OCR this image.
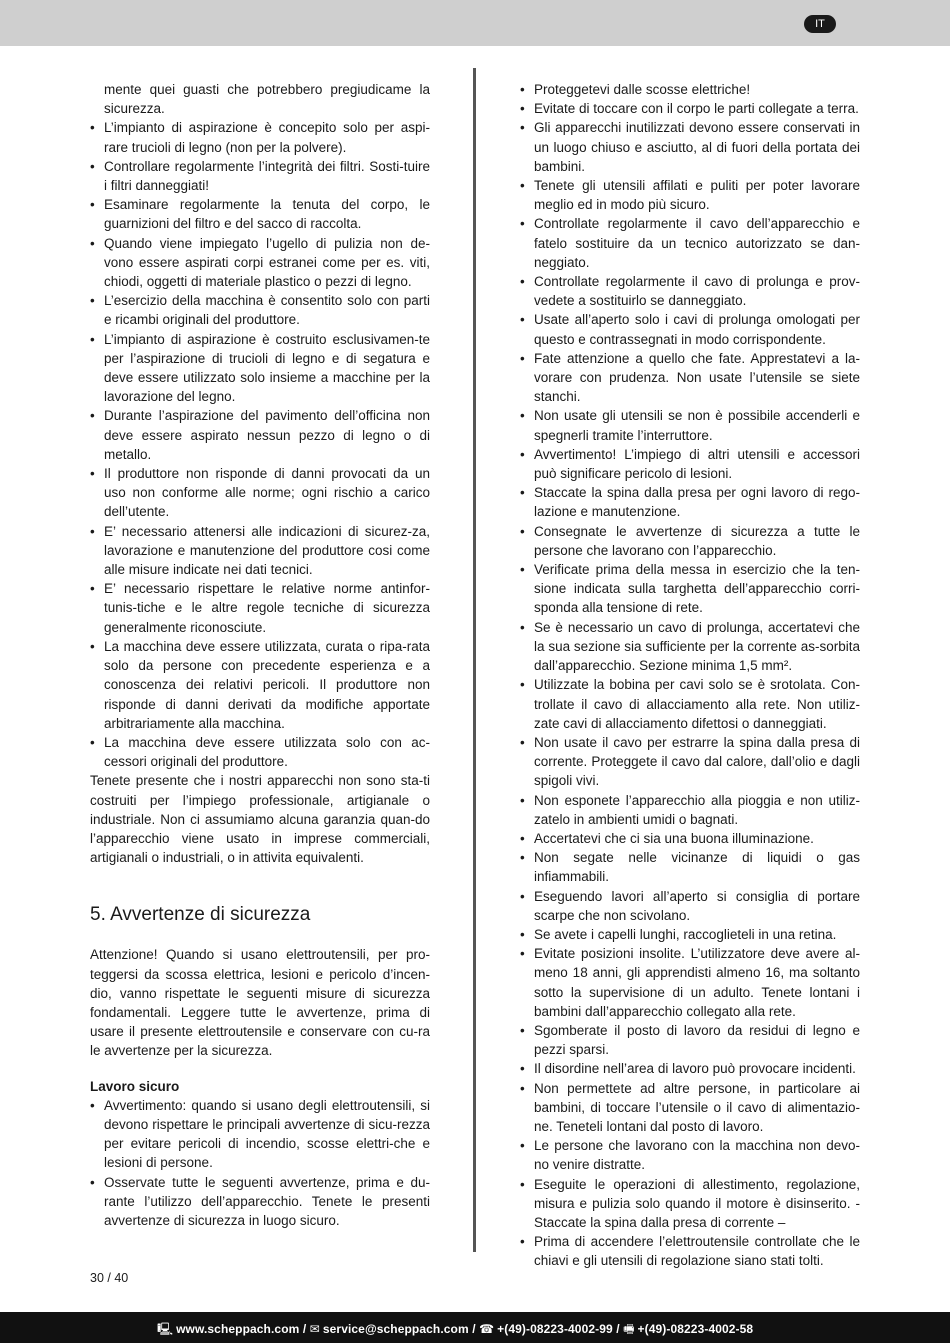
IT
mente quei guasti che potrebbero pregiudicame la sicurezza.
• L’impianto di aspirazione è concepito solo per aspi-rare trucioli di legno (non per la polvere).
• Controllare regolarmente l’integrità dei filtri. Sosti-tuire i filtri danneggiati!
• Esaminare regolarmente la tenuta del corpo, le guarnizioni del filtro e del sacco di raccolta.
• Quando viene impiegato l’ugello di pulizia non de-vono essere aspirati corpi estranei come per es. viti, chiodi, oggetti di materiale plastico o pezzi di legno.
• L’esercizio della macchina è consentito solo con parti e ricambi originali del produttore.
• L’impianto di aspirazione è costruito esclusivamen-te per l’aspirazione di trucioli di legno e di segatura e deve essere utilizzato solo insieme a macchine per la lavorazione del legno.
• Durante l’aspirazione del pavimento dell’officina non deve essere aspirato nessun pezzo di legno o di metallo.
• Il produttore non risponde di danni provocati da un uso non conforme alle norme; ogni rischio a carico dell’utente.
• E’ necessario attenersi alle indicazioni di sicurez-za, lavorazione e manutenzione del produttore cosi come alle misure indicate nei dati tecnici.
• E’ necessario rispettare le relative norme antinfor-tunis-tiche e le altre regole tecniche di sicurezza generalmente riconosciute.
• La macchina deve essere utilizzata, curata o ripa-rata solo da persone con precedente esperienza e a conoscenza dei relativi pericoli. Il produttore non risponde di danni derivati da modifiche apportate arbitrariamente alla macchina.
• La macchina deve essere utilizzata solo con ac-cessori originali del produttore.

Tenete presente che i nostri apparecchi non sono sta-ti costruiti per l’impiego professionale, artigianale o industriale. Non ci assumiamo alcuna garanzia quan-do l’apparecchio viene usato in imprese commerciali, artigianali o industriali, o in attivita equivalenti.

5. Avvertenze di sicurezza

Attenzione! Quando si usano elettroutensili, per pro-teggersi da scossa elettrica, lesioni e pericolo d’incen-dio, vanno rispettate le seguenti misure di sicurezza fondamentali. Leggere tutte le avvertenze, prima di usare il presente elettroutensile e conservare con cu-ra le avvertenze per la sicurezza.

Lavoro sicuro
• Avvertimento: quando si usano degli elettroutensili, si devono rispettare le principali avvertenze di sicu-rezza per evitare pericoli di incendio, scosse elettri-che e lesioni di persone.
• Osservate tutte le seguenti avvertenze, prima e du-rante l’utilizzo dell’apparecchio. Tenete le presenti avvertenze di sicurezza in luogo sicuro.
• Proteggetevi dalle scosse elettriche!
• Evitate di toccare con il corpo le parti collegate a terra.
• Gli apparecchi inutilizzati devono essere conservati in un luogo chiuso e asciutto, al di fuori della portata dei bambini.
• Tenete gli utensili affilati e puliti per poter lavorare meglio ed in modo più sicuro.
• Controllate regolarmente il cavo dell’apparecchio e fatelo sostituire da un tecnico autorizzato se dan-neggiato.
• Controllate regolarmente il cavo di prolunga e prov-vedete a sostituirlo se danneggiato.
• Usate all’aperto solo i cavi di prolunga omologati per questo e contrassegnati in modo corrispondente.
• Fate attenzione a quello che fate. Apprestatevi a la-vorare con prudenza. Non usate l’utensile se siete stanchi.
• Non usate gli utensili se non è possibile accenderli e spegnerli tramite l’interruttore.
• Avvertimento! L’impiego di altri utensili e accessori può significare pericolo di lesioni.
• Staccate la spina dalla presa per ogni lavoro di rego-lazione e manutenzione.
• Consegnate le avvertenze di sicurezza a tutte le persone che lavorano con l’apparecchio.
• Verificate prima della messa in esercizio che la ten-sione indicata sulla targhetta dell’apparecchio corri-sponda alla tensione di rete.
• Se è necessario un cavo di prolunga, accertatevi che la sua sezione sia sufficiente per la corrente as-sorbita dall’apparecchio. Sezione minima 1,5 mm².
• Utilizzate la bobina per cavi solo se è srotolata. Con-trollate il cavo di allacciamento alla rete. Non utiliz-zate cavi di allacciamento difettosi o danneggiati.
• Non usate il cavo per estrarre la spina dalla presa di corrente. Proteggete il cavo dal calore, dall’olio e dagli spigoli vivi.
• Non esponete l’apparecchio alla pioggia e non utiliz-zatelo in ambienti umidi o bagnati.
• Accertatevi che ci sia una buona illuminazione.
• Non segate nelle vicinanze di liquidi o gas infiammabili.
• Eseguendo lavori all’aperto si consiglia di portare scarpe che non scivolano.
• Se avete i capelli lunghi, raccoglieteli in una retina.
• Evitate posizioni insolite. L’utilizzatore deve avere al-meno 18 anni, gli apprendisti almeno 16, ma soltanto sotto la supervisione di un adulto. Tenete lontani i bambini dall’apparecchio collegato alla rete.
• Sgomberate il posto di lavoro da residui di legno e pezzi sparsi.
• Il disordine nell’area di lavoro può provocare incidenti.
• Non permettete ad altre persone, in particolare ai bambini, di toccare l’utensile o il cavo di alimentazio-ne. Teneteli lontani dal posto di lavoro.
• Le persone che lavorano con la macchina non devo-no venire distratte.
• Eseguite le operazioni di allestimento, regolazione, misura e pulizia solo quando il motore è disinserito. - Staccate la spina dalla presa di corrente –
• Prima di accendere l’elettroutensile controllate che le chiavi e gli utensili di regolazione siano stati tolti.
30 / 40
🖳 www.scheppach.com / ✉ service@scheppach.com / ☎ +(49)-08223-4002-99 / 🖷 +(49)-08223-4002-58
